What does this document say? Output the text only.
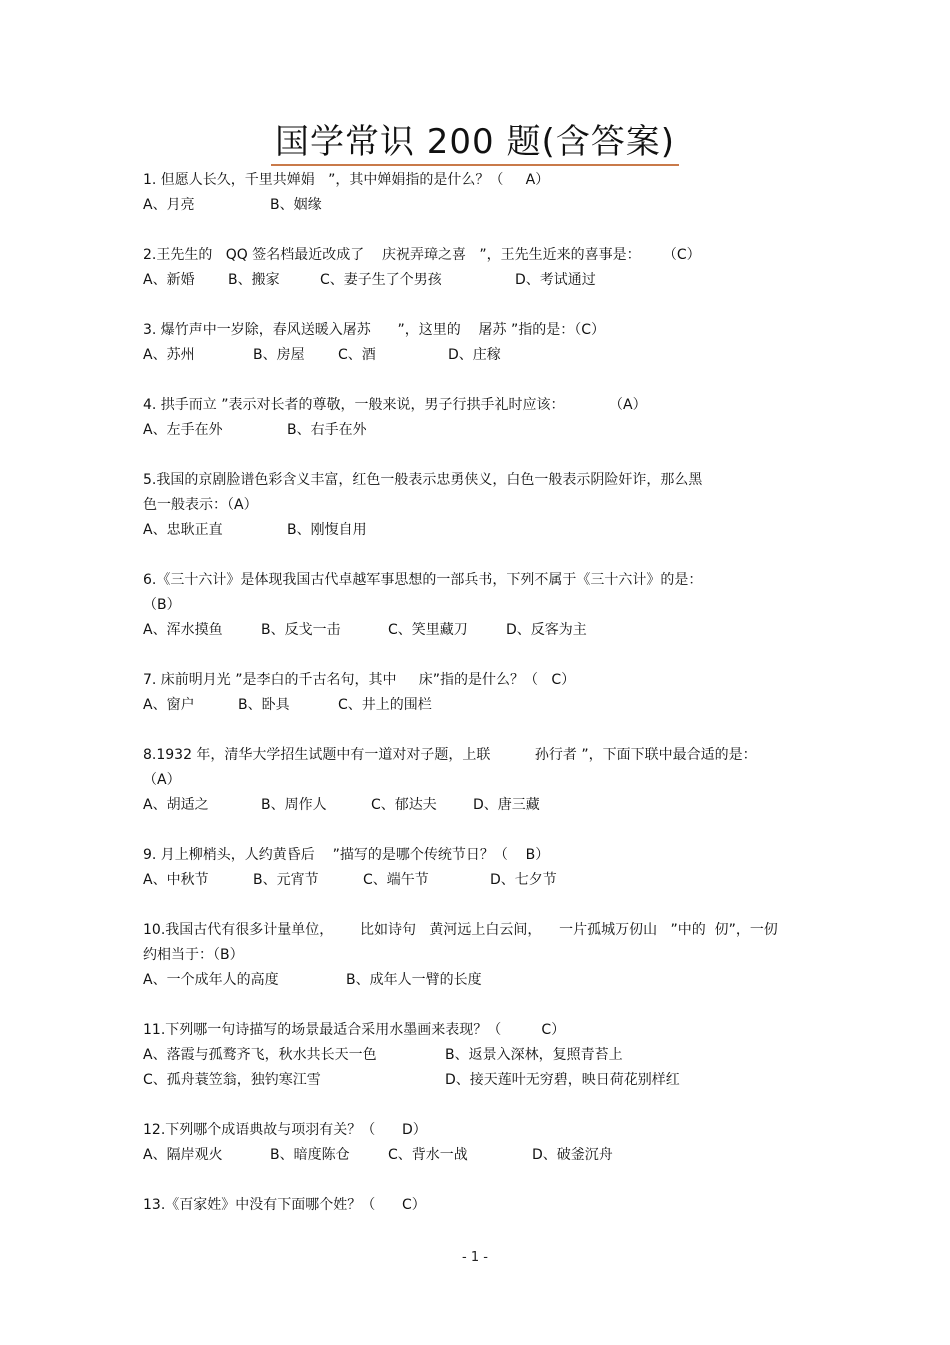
国学常识 200 题(含答案)
1. 但愿人长久，千里共婵娟   ”，其中婵娟指的是什么？（     A）
A、月亮	B、姻缘
2.王先生的   QQ 签名档最近改成了    庆祝弄璋之喜   ”，王先生近来的喜事是：     （C）
A、新婚	B、搬家	C、妻子生了个男孩	D、考试通过
3. 爆竹声中一岁除，春风送暖入屠苏      ”，这里的    屠苏 ”指的是：（C）
A、苏州	B、房屋	C、酒	D、庄稼
4. 拱手而立 ”表示对长者的尊敬，一般来说，男子行拱手礼时应该：          （A）
A、左手在外	B、右手在外
5.我国的京剧脸谱色彩含义丰富，红色一般表示忠勇侠义，白色一般表示阴险奸诈，那么黑
色一般表示：（A）
A、忠耿正直	B、刚愎自用
6.《三十六计》是体现我国古代卓越军事思想的一部兵书，下列不属于《三十六计》的是：
（B）
A、浑水摸鱼	B、反戈一击	C、笑里藏刀	D、反客为主
7. 床前明月光 ”是李白的千古名句，其中     床”指的是什么？（   C）
A、窗户	B、卧具	C、井上的围栏
8.1932 年，清华大学招生试题中有一道对对子题，上联          孙行者 ”，下面下联中最合适的是：
（A）
A、胡适之	B、周作人	C、郁达夫	D、唐三藏
9. 月上柳梢头，人约黄昏后    ”描写的是哪个传统节日？（    B）
A、中秋节	B、元宵节	C、端午节	D、七夕节
10.我国古代有很多计量单位，      比如诗句   黄河远上白云间，    一片孤城万仞山   ”中的  仞”，一仞
约相当于：（B）
A、一个成年人的高度	B、成年人一臂的长度
11.下列哪一句诗描写的场景最适合采用水墨画来表现？（         C）
A、落霞与孤鹜齐飞，秋水共长天一色	B、返景入深林，复照青苔上
C、孤舟蓑笠翁，独钓寒江雪	D、接天莲叶无穷碧，映日荷花别样红
12.下列哪个成语典故与项羽有关？（      D）
A、隔岸观火	B、暗度陈仓	C、背水一战	D、破釜沉舟
13.《百家姓》中没有下面哪个姓？（      C）
- 1 -
